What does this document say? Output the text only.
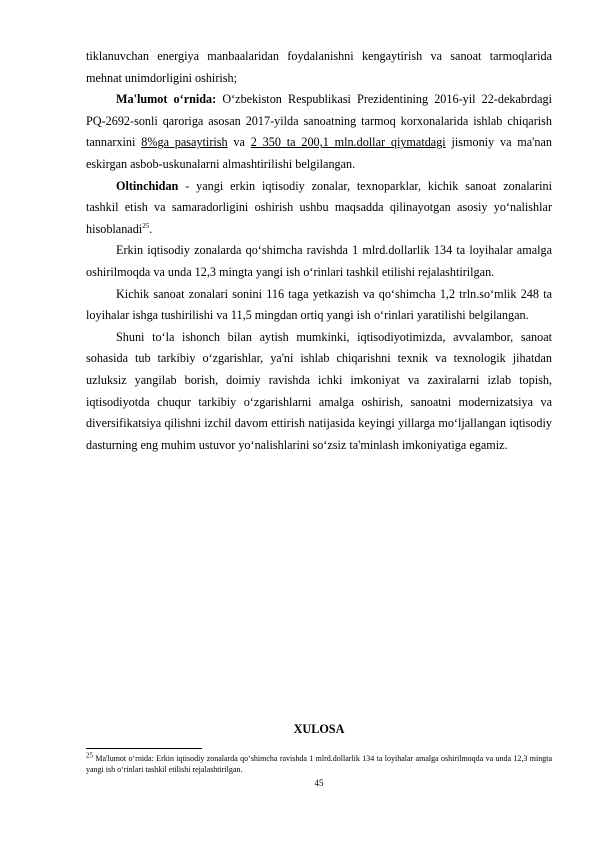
tiklanuvchan energiya manbaalaridan foydalanishni kengaytirish va sanoat tarmoqlarida mehnat unimdorligini oshirish;

Ma'lumot o‘rnida: O‘zbekiston Respublikasi Prezidentining 2016-yil 22-dekabrdagi PQ-2692-sonli qaroriga asosan 2017-yilda sanoatning tarmoq korxonalarida ishlab chiqarish tannarxini 8%ga pasaytirish va 2 350 ta 200,1 mln.dollar qiymatdagi jismoniy va ma'nan eskirgan asbob-uskunalarni almashtirilishi belgilangan.

Oltinchidan - yangi erkin iqtisodiy zonalar, texnoparklar, kichik sanoat zonalarini tashkil etish va samaradorligini oshirish ushbu maqsadda qilinayotgan asosiy yo‘nalishlar hisoblanadi$^{25}$.

Erkin iqtisodiy zonalarda qo‘shimcha ravishda 1 mlrd.dollarlik 134 ta loyihalar amalga oshirilmoqda va unda 12,3 mingta yangi ish o‘rinlari tashkil etilishi rejalashtirilgan.

Kichik sanoat zonalari sonini 116 taga yetkazish va qo‘shimcha 1,2 trln.so‘mlik 248 ta loyihalar ishga tushirilishi va 11,5 mingdan ortiq yangi ish o‘rinlari yaratilishi belgilangan.

Shuni to‘la ishonch bilan aytish mumkinki, iqtisodiyotimizda, avvalambor, sanoat sohasida tub tarkibiy o‘zgarishlar, ya'ni ishlab chiqarishni texnik va texnologik jihatdan uzluksiz yangilab borish, doimiy ravishda ichki imkoniyat va zaxiralarni izlab topish, iqtisodiyotda chuqur tarkibiy o‘zgarishlarni amalga oshirish, sanoatni modernizatsiya va diversifikatsiya qilishni izchil davom ettirish natijasida keyingi yillarga mo‘ljallangan iqtisodiy dasturning eng muhim ustuvor yo‘nalishlarini so‘zsiz ta'minlash imkoniyatiga egamiz.

XULOSA
$^{25}$ Ma'lumot o‘rnida: Erkin iqtisodiy zonalarda qo‘shimcha ravishda 1 mlrd.dollarlik 134 ta loyihalar amalga oshirilmoqda va unda 12,3 mingta yangi ish o‘rinlari tashkil etilishi rejalashtirilgan.
45
